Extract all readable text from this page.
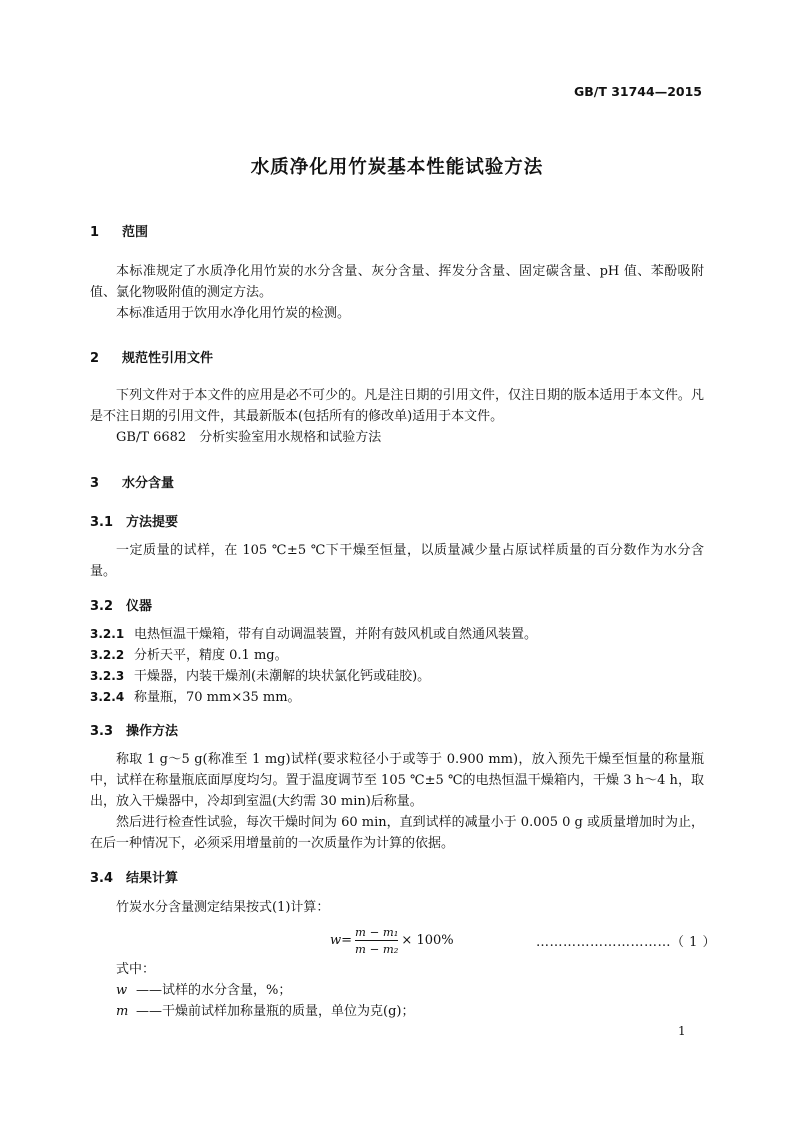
GB/T 31744—2015
水质净化用竹炭基本性能试验方法
1 范围
本标准规定了水质净化用竹炭的水分含量、灰分含量、挥发分含量、固定碳含量、pH 值、苯酚吸附值、氯化物吸附值的测定方法。
本标准适用于饮用水净化用竹炭的检测。
2 规范性引用文件
下列文件对于本文件的应用是必不可少的。凡是注日期的引用文件，仅注日期的版本适用于本文件。凡是不注日期的引用文件，其最新版本(包括所有的修改单)适用于本文件。
GB/T 6682　分析实验室用水规格和试验方法
3 水分含量
3.1 方法提要
一定质量的试样，在 105 ℃±5 ℃下干燥至恒量，以质量减少量占原试样质量的百分数作为水分含量。
3.2 仪器
3.2.1 电热恒温干燥箱，带有自动调温装置，并附有鼓风机或自然通风装置。
3.2.2 分析天平，精度 0.1 mg。
3.2.3 干燥器，内装干燥剂(未潮解的块状氯化钙或硅胶)。
3.2.4 称量瓶，70 mm×35 mm。
3.3 操作方法
称取 1 g～5 g(称准至 1 mg)试样(要求粒径小于或等于 0.900 mm)，放入预先干燥至恒量的称量瓶中，试样在称量瓶底面厚度均匀。置于温度调节至 105 ℃±5 ℃的电热恒温干燥箱内，干燥 3 h～4 h，取出，放入干燥器中，冷却到室温(大约需 30 min)后称量。
然后进行检查性试验，每次干燥时间为 60 min，直到试样的减量小于 0.005 0 g 或质量增加时为止，在后一种情况下，必须采用增量前的一次质量作为计算的依据。
3.4 结果计算
竹炭水分含量测定结果按式(1)计算：
$w = \frac{\text{m − m₁}}{\text{m − m₂}} \times 100\%$	…………………………（ 1 ）
式中：
w ——试样的水分含量，%；
m ——干燥前试样加称量瓶的质量，单位为克(g)；
1
